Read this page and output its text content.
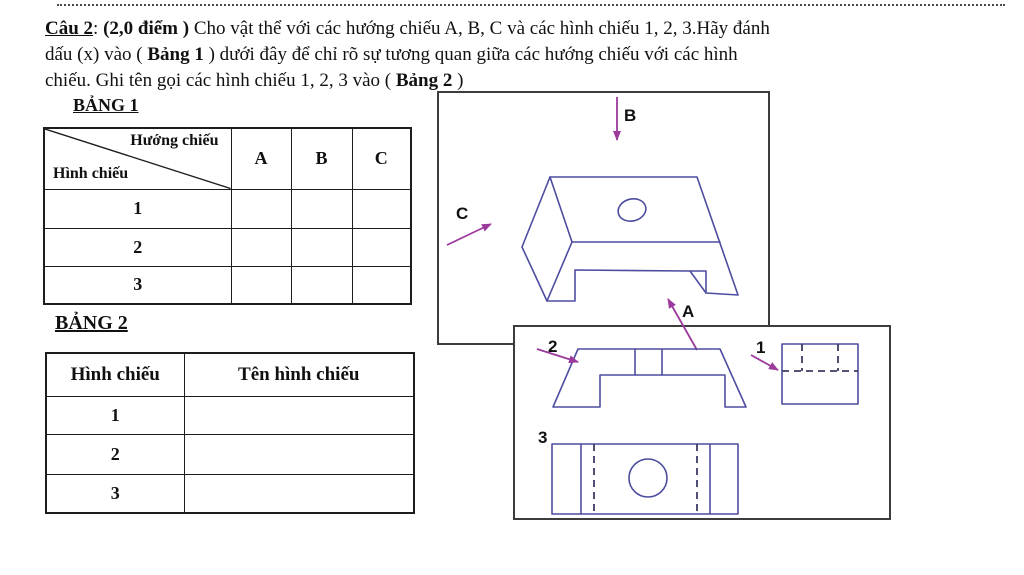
Câu 2: (2,0 điểm ) Cho vật thể với các hướng chiếu A, B, C và các hình chiếu 1, 2, 3.Hãy đánh
dấu (x) vào ( Bảng 1 ) dưới đây để chỉ rõ sự tương quan giữa các hướng chiếu với các hình
chiếu. Ghi tên gọi các hình chiếu 1, 2, 3 vào ( Bảng 2 )
BẢNG 1
Hướng chiếu
Hình chiếu	A	B	C
1			
2			
3			
BẢNG 2
Hình chiếu	Tên hình chiếu
1	
2	
3	
B
C
A
2	1
3
